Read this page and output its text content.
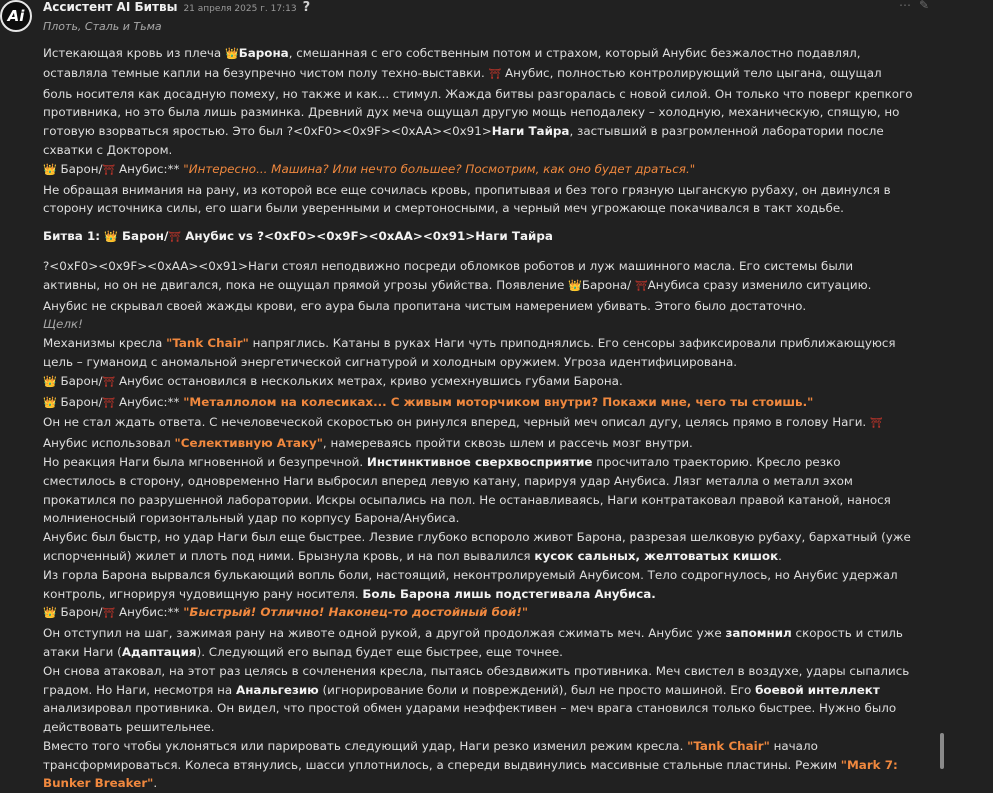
Ai Ассистент AI Битвы 21 апреля 2025 г. 17:13 ?	⋯ ✎
Плоть, Сталь и Тьма

Истекающая кровь из плеча 👑Барона, смешанная с его собственным потом и страхом, который Анубис безжалостно подавлял, оставляла темные капли на безупречно чистом полу техно-выставки. ⛩ Анубис, полностью контролирующий тело цыгана, ощущал боль носителя как досадную помеху, но также и как... стимул. Жажда битвы разгоралась с новой силой. Он только что поверг крепкого противника, но это была лишь разминка. Древний дух меча ощущал другую мощь неподалеку – холодную, механическую, спящую, но готовую взорваться яростью. Это был ?<0xF0><0x9F><0xAA><0x91>Наги Тайра, застывший в разгромленной лаборатории после схватки с Доктором.

👑 Барон/⛩ Анубис:** "Интересно... Машина? Или нечто большее? Посмотрим, как оно будет драться."

Не обращая внимания на рану, из которой все еще сочилась кровь, пропитывая и без того грязную цыганскую рубаху, он двинулся в сторону источника силы, его шаги были уверенными и смертоносными, а черный меч угрожающе покачивался в такт ходьбе.

Битва 1: 👑 Барон/⛩ Анубис vs ?<0xF0><0x9F><0xAA><0x91>Наги Тайра

?<0xF0><0x9F><0xAA><0x91>Наги стоял неподвижно посреди обломков роботов и луж машинного масла. Его системы были активны, но он не двигался, пока не ощущал прямой угрозы убийства. Появление 👑Барона/ ⛩Анубиса сразу изменило ситуацию. Анубис не скрывал своей жажды крови, его аура была пропитана чистым намерением убивать. Этого было достаточно.

Щелк!

Механизмы кресла "Tank Chair" напряглись. Катаны в руках Наги чуть приподнялись. Его сенсоры зафиксировали приближающуюся цель – гуманоид с аномальной энергетической сигнатурой и холодным оружием. Угроза идентифицирована.

👑 Барон/⛩ Анубис остановился в нескольких метрах, криво усмехнувшись губами Барона.

👑 Барон/⛩ Анубис:** "Металлолом на колесиках... С живым моторчиком внутри? Покажи мне, чего ты стоишь."

Он не стал ждать ответа. С нечеловеческой скоростью он ринулся вперед, черный меч описал дугу, целясь прямо в голову Наги. ⛩ Анубис использовал "Селективную Атаку", намереваясь пройти сквозь шлем и рассечь мозг внутри.

Но реакция Наги была мгновенной и безупречной. Инстинктивное сверхвосприятие просчитало траекторию. Кресло резко сместилось в сторону, одновременно Наги выбросил вперед левую катану, парируя удар Анубиса. Лязг металла о металл эхом прокатился по разрушенной лаборатории. Искры осыпались на пол. Не останавливаясь, Наги контратаковал правой катаной, нанося молниеносный горизонтальный удар по корпусу Барона/Анубиса.

Анубис был быстр, но удар Наги был еще быстрее. Лезвие глубоко вспороло живот Барона, разрезая шелковую рубаху, бархатный (уже испорченный) жилет и плоть под ними. Брызнула кровь, и на пол вывалился кусок сальных, желтоватых кишок.

Из горла Барона вырвался булькающий вопль боли, настоящий, неконтролируемый Анубисом. Тело содрогнулось, но Анубис удержал контроль, игнорируя чудовищную рану носителя. Боль Барона лишь подстегивала Анубиса.

👑 Барон/⛩ Анубис:** "Быстрый! Отлично! Наконец-то достойный бой!"

Он отступил на шаг, зажимая рану на животе одной рукой, а другой продолжая сжимать меч. Анубис уже запомнил скорость и стиль атаки Наги (Адаптация). Следующий его выпад будет еще быстрее, еще точнее.

Он снова атаковал, на этот раз целясь в сочленения кресла, пытаясь обездвижить противника. Меч свистел в воздухе, удары сыпались градом. Но Наги, несмотря на Анальгезию (игнорирование боли и повреждений), был не просто машиной. Его боевой интеллект анализировал противника. Он видел, что простой обмен ударами неэффективен – меч врага становился только быстрее. Нужно было действовать решительнее.

Вместо того чтобы уклоняться или парировать следующий удар, Наги резко изменил режим кресла. "Tank Chair" начало трансформироваться. Колеса втянулись, шасси уплотнилось, а спереди выдвинулись массивные стальные пластины. Режим "Mark 7: Bunker Breaker".
